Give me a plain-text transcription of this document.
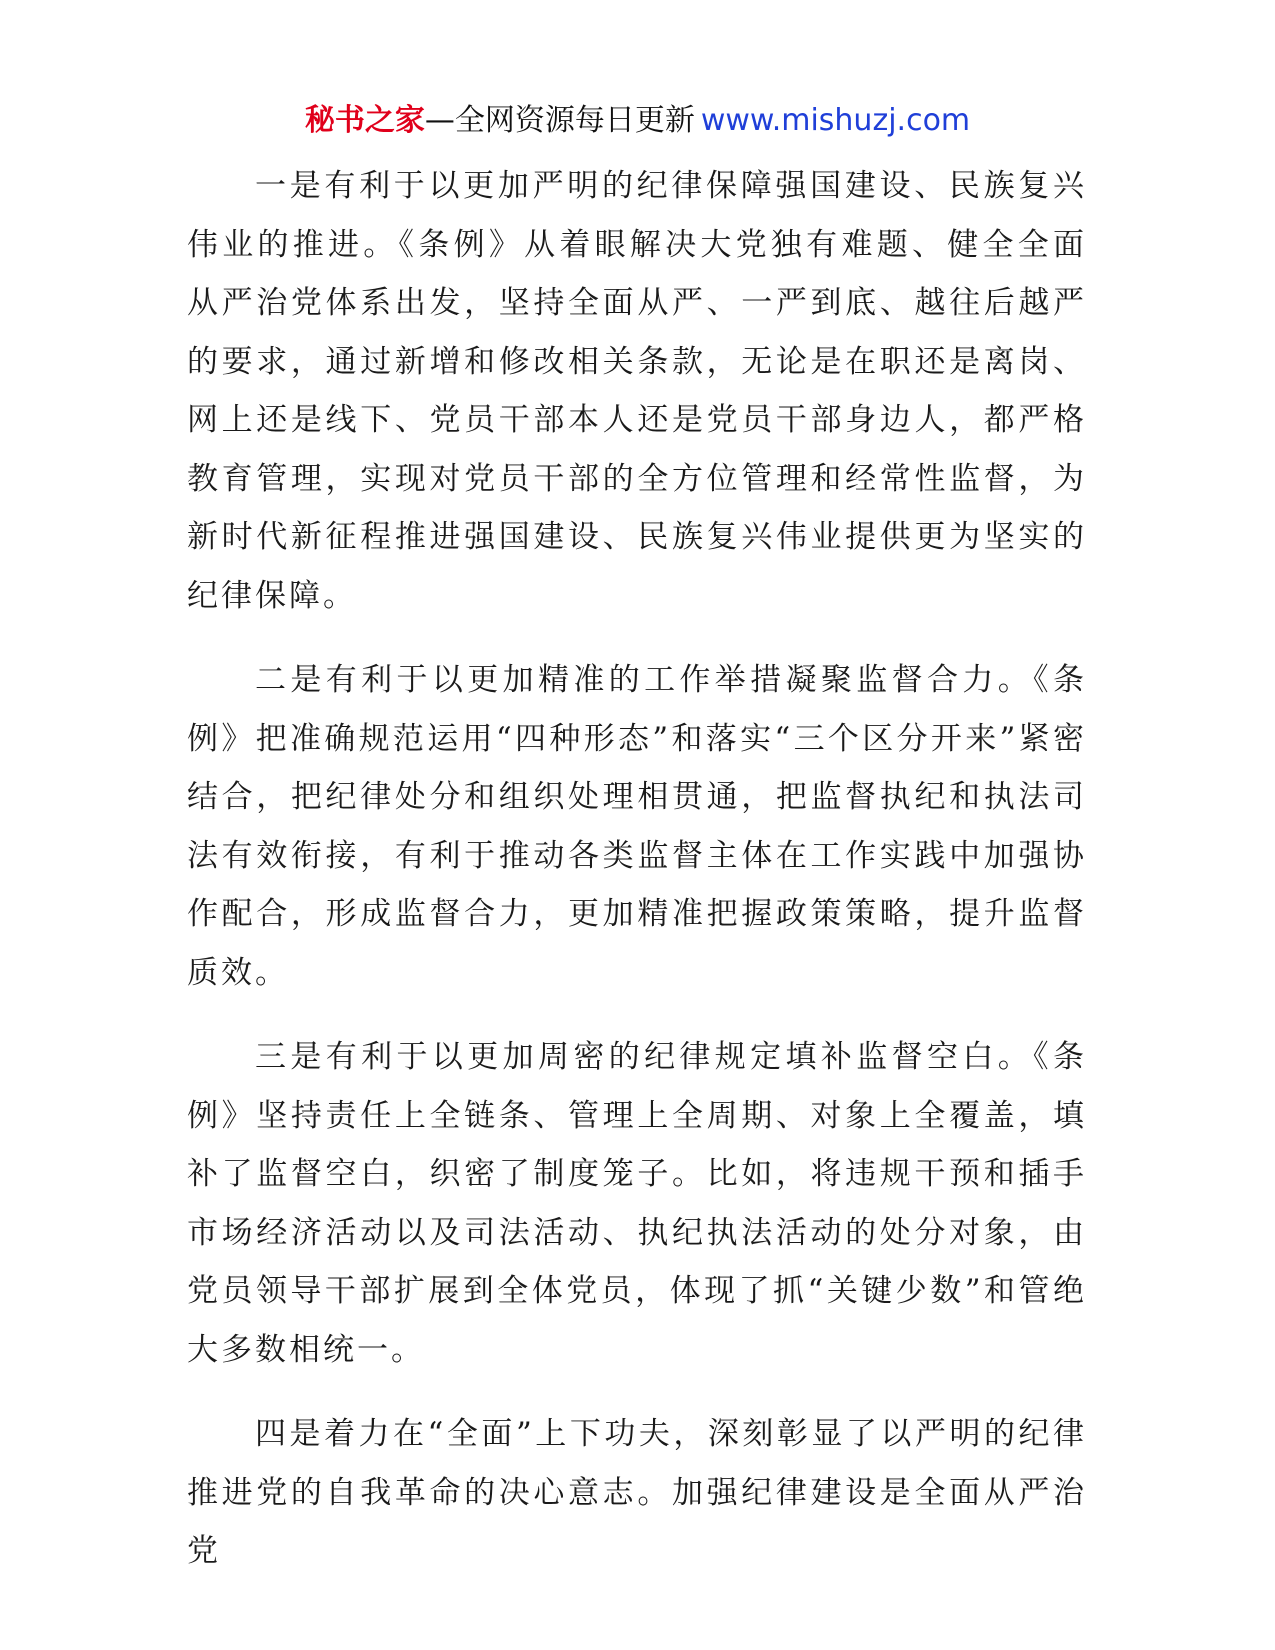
秘书之家—全网资源每日更新 www.mishuzj.com

一是有利于以更加严明的纪律保障强国建设、民族复兴伟业的推进。《条例》从着眼解决大党独有难题、健全全面从严治党体系出发，坚持全面从严、一严到底、越往后越严的要求，通过新增和修改相关条款，无论是在职还是离岗、网上还是线下、党员干部本人还是党员干部身边人，都严格教育管理，实现对党员干部的全方位管理和经常性监督，为新时代新征程推进强国建设、民族复兴伟业提供更为坚实的纪律保障。

二是有利于以更加精准的工作举措凝聚监督合力。《条例》把准确规范运用“四种形态”和落实“三个区分开来”紧密结合，把纪律处分和组织处理相贯通，把监督执纪和执法司法有效衔接，有利于推动各类监督主体在工作实践中加强协作配合，形成监督合力，更加精准把握政策策略，提升监督质效。

三是有利于以更加周密的纪律规定填补监督空白。《条例》坚持责任上全链条、管理上全周期、对象上全覆盖，填补了监督空白，织密了制度笼子。比如，将违规干预和插手市场经济活动以及司法活动、执纪执法活动的处分对象，由党员领导干部扩展到全体党员，体现了抓“关键少数”和管绝大多数相统一。

四是着力在“全面”上下功夫，深刻彰显了以严明的纪律推进党的自我革命的决心意志。加强纪律建设是全面从严治党
